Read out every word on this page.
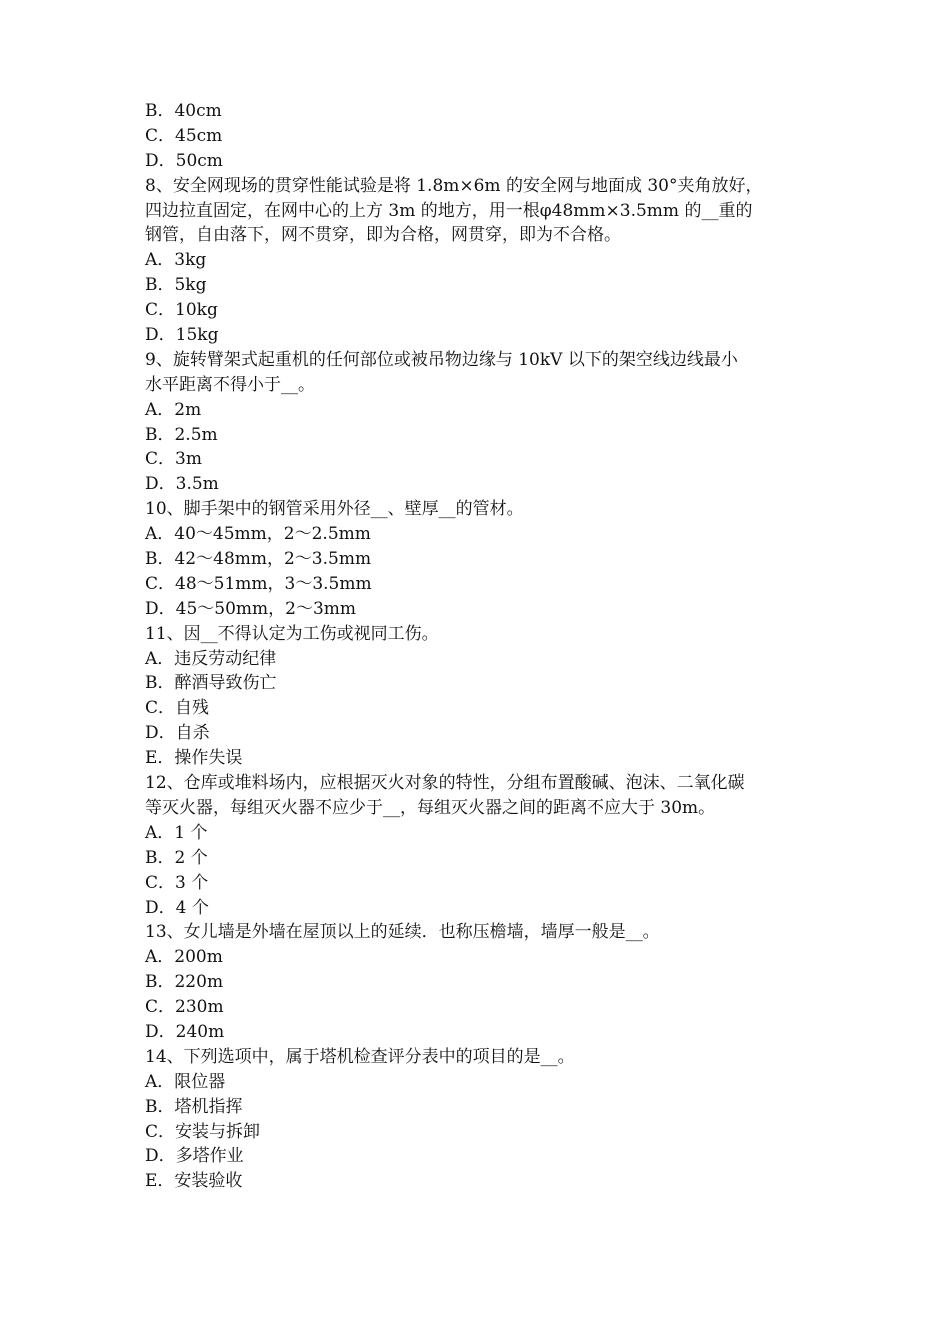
B．40cm
C．45cm
D．50cm
8、安全网现场的贯穿性能试验是将 1.8m×6m 的安全网与地面成 30°夹角放好，
四边拉直固定，在网中心的上方 3m 的地方，用一根φ48mm×3.5mm 的__重的
钢管，自由落下，网不贯穿，即为合格，网贯穿，即为不合格。
A．3kg
B．5kg
C．10kg
D．15kg
9、旋转臂架式起重机的任何部位或被吊物边缘与 10kV 以下的架空线边线最小
水平距离不得小于__。
A．2m
B．2.5m
C．3m
D．3.5m
10、脚手架中的钢管采用外径__、壁厚__的管材。
A．40～45mm，2～2.5mm
B．42～48mm，2～3.5mm
C．48～51mm，3～3.5mm
D．45～50mm，2～3mm
11、因__不得认定为工伤或视同工伤。
A．违反劳动纪律
B．醉酒导致伤亡
C．自残
D．自杀
E．操作失误
12、仓库或堆料场内，应根据灭火对象的特性，分组布置酸碱、泡沫、二氧化碳
等灭火器，每组灭火器不应少于__，每组灭火器之间的距离不应大于 30m。
A．1 个
B．2 个
C．3 个
D．4 个
13、女儿墙是外墙在屋顶以上的延续．也称压檐墙，墙厚一般是__。
A．200m
B．220m
C．230m
D．240m
14、下列选项中，属于塔机检查评分表中的项目的是__。
A．限位器
B．塔机指挥
C．安装与拆卸
D．多塔作业
E．安装验收
